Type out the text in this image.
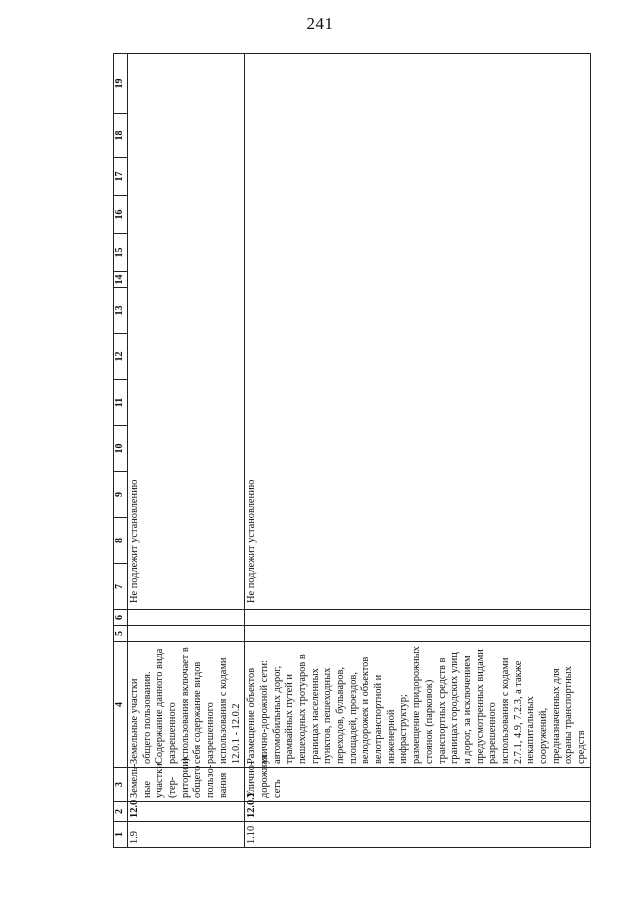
241
1	2	3	4	5	6	7	8	9	10	11	12	13	14	15	16	17	18	19
1.9	12.0	Земель-ные участки (тер-ритории) общего пользо-вания	Земельные участки общего пользования. Содержание данного вида разрешенного использования включает в себя содержание видов разрешенного использования с кодами 12.0.1 - 12.0.2			Не подлежит установлению												
1.10	12.0.1	Улично-дорожная сеть	Размещение объектов улично-дорожной сети: автомобильных дорог, трамвайных путей и пешеходных тротуаров в границах населенных пунктов, пешеходных переходов, бульваров, площадей, проездов, велодорожек и объектов велотранспортной и инженерной инфраструктур; размещение придорожных стоянок (парковок) транспортных средств в границах городских улиц и дорог, за исключением предусмотренных видами разрешенного использования с кодами 2.7.1, 4.9, 7.2.3, а также некапитальных сооружений, предназначенных для охраны транспортных средств			Не подлежит установлению												
